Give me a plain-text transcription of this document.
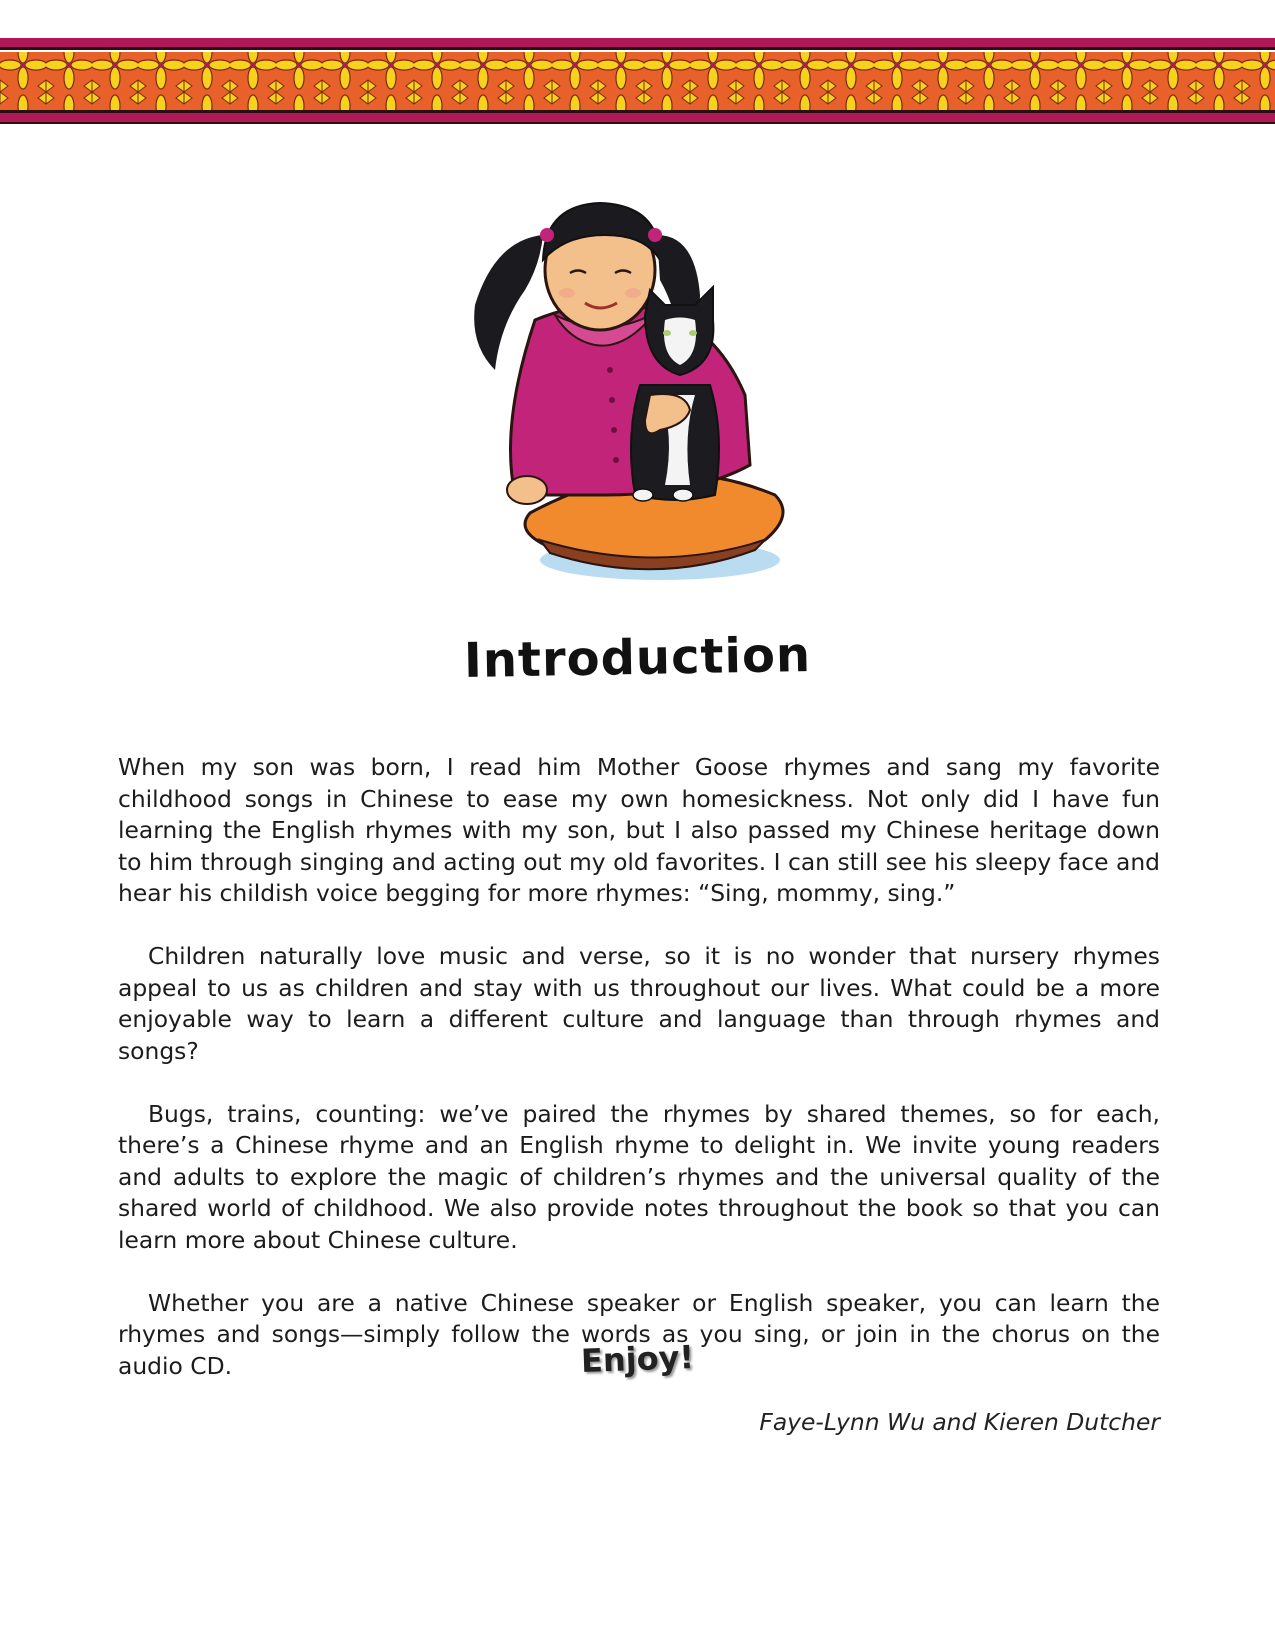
Introduction

When my son was born, I read him Mother Goose rhymes and sang my favorite childhood songs in Chinese to ease my own homesickness. Not only did I have fun learning the English rhymes with my son, but I also passed my Chinese heritage down to him through singing and acting out my old favorites. I can still see his sleepy face and hear his childish voice begging for more rhymes: “Sing, mommy, sing.”

Children naturally love music and verse, so it is no wonder that nursery rhymes appeal to us as children and stay with us throughout our lives. What could be a more enjoyable way to learn a different culture and language than through rhymes and songs?

Bugs, trains, counting: we’ve paired the rhymes by shared themes, so for each, there’s a Chinese rhyme and an English rhyme to delight in. We invite young readers and adults to explore the magic of children’s rhymes and the universal quality of the shared world of childhood. We also provide notes throughout the book so that you can learn more about Chinese culture.

Whether you are a native Chinese speaker or English speaker, you can learn the rhymes and songs—simply follow the words as you sing, or join in the chorus on the audio CD.	Enjoy!
Faye-Lynn Wu and Kieren Dutcher
